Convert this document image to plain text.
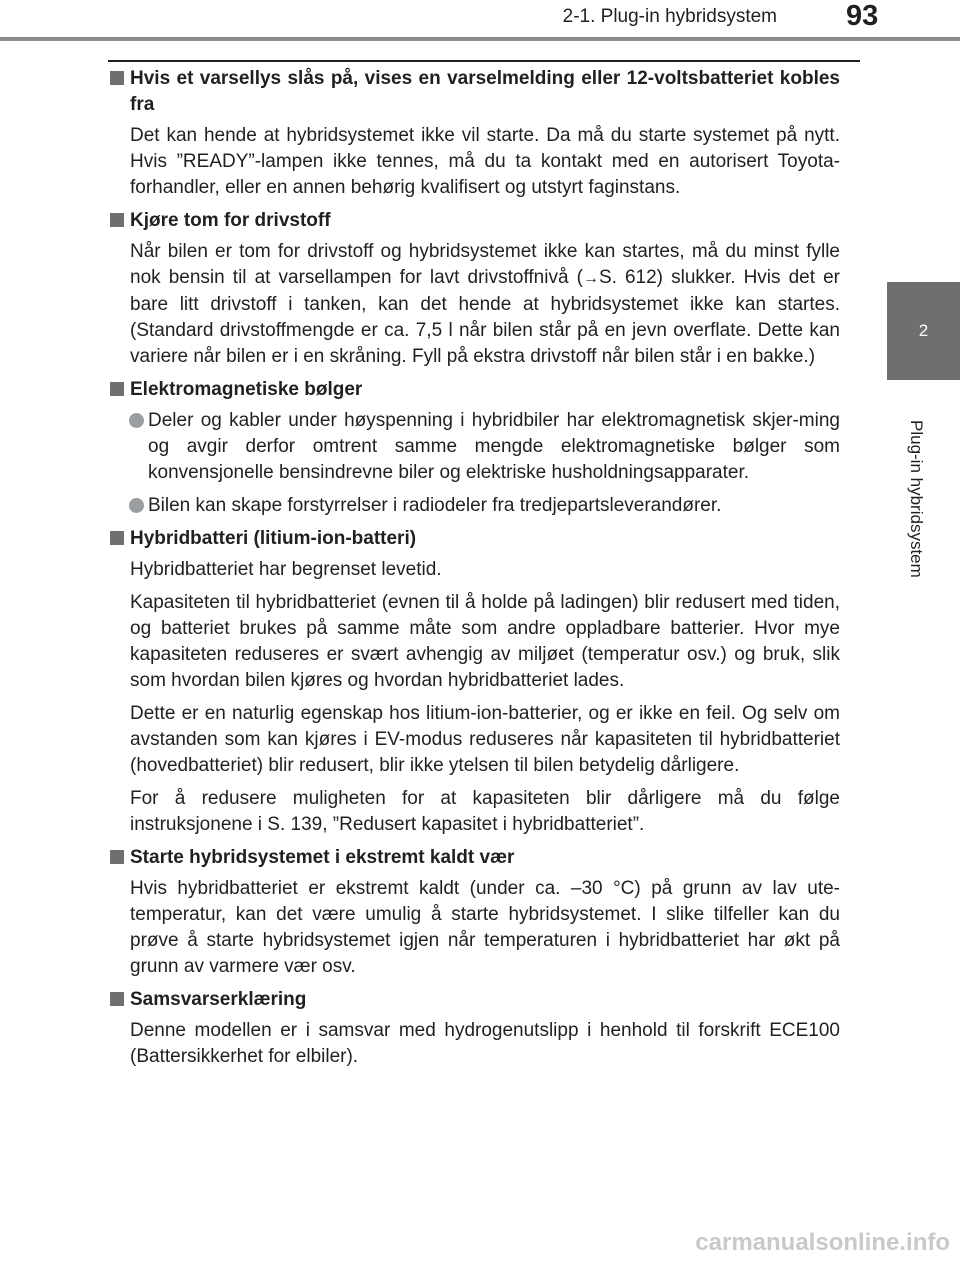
2-1. Plug-in hybridsystem 93
2
Plug-in hybridsystem
Hvis et varsellys slås på, vises en varselmelding eller 12-voltsbatteriet kobles fra
Det kan hende at hybridsystemet ikke vil starte. Da må du starte systemet på nytt. Hvis ”READY”-lampen ikke tennes, må du ta kontakt med en autorisert Toyota-forhandler, eller en annen behørig kvalifisert og utstyrt faginstans.
Kjøre tom for drivstoff
Når bilen er tom for drivstoff og hybridsystemet ikke kan startes, må du minst fylle nok bensin til at varsellampen for lavt drivstoffnivå (→S. 612) slukker. Hvis det er bare litt drivstoff i tanken, kan det hende at hybridsystemet ikke kan startes. (Standard drivstoffmengde er ca. 7,5 l når bilen står på en jevn overflate. Dette kan variere når bilen er i en skråning. Fyll på ekstra drivstoff når bilen står i en bakke.)
Elektromagnetiske bølger
Deler og kabler under høyspenning i hybridbiler har elektromagnetisk skjer-ming og avgir derfor omtrent samme mengde elektromagnetiske bølger som konvensjonelle bensindrevne biler og elektriske husholdningsapparater.
Bilen kan skape forstyrrelser i radiodeler fra tredjepartsleverandører.
Hybridbatteri (litium-ion-batteri)
Hybridbatteriet har begrenset levetid.
Kapasiteten til hybridbatteriet (evnen til å holde på ladingen) blir redusert med tiden, og batteriet brukes på samme måte som andre oppladbare batterier. Hvor mye kapasiteten reduseres er svært avhengig av miljøet (temperatur osv.) og bruk, slik som hvordan bilen kjøres og hvordan hybridbatteriet lades.
Dette er en naturlig egenskap hos litium-ion-batterier, og er ikke en feil. Og selv om avstanden som kan kjøres i EV-modus reduseres når kapasiteten til hybridbatteriet (hovedbatteriet) blir redusert, blir ikke ytelsen til bilen betydelig dårligere.
For å redusere muligheten for at kapasiteten blir dårligere må du følge instruksjonene i S. 139, ”Redusert kapasitet i hybridbatteriet”.
Starte hybridsystemet i ekstremt kaldt vær
Hvis hybridbatteriet er ekstremt kaldt (under ca. –30 °C) på grunn av lav ute-temperatur, kan det være umulig å starte hybridsystemet. I slike tilfeller kan du prøve å starte hybridsystemet igjen når temperaturen i hybridbatteriet har økt på grunn av varmere vær osv.
Samsvarserklæring
Denne modellen er i samsvar med hydrogenutslipp i henhold til forskrift ECE100 (Battersikkerhet for elbiler).
carmanualsonline.info
